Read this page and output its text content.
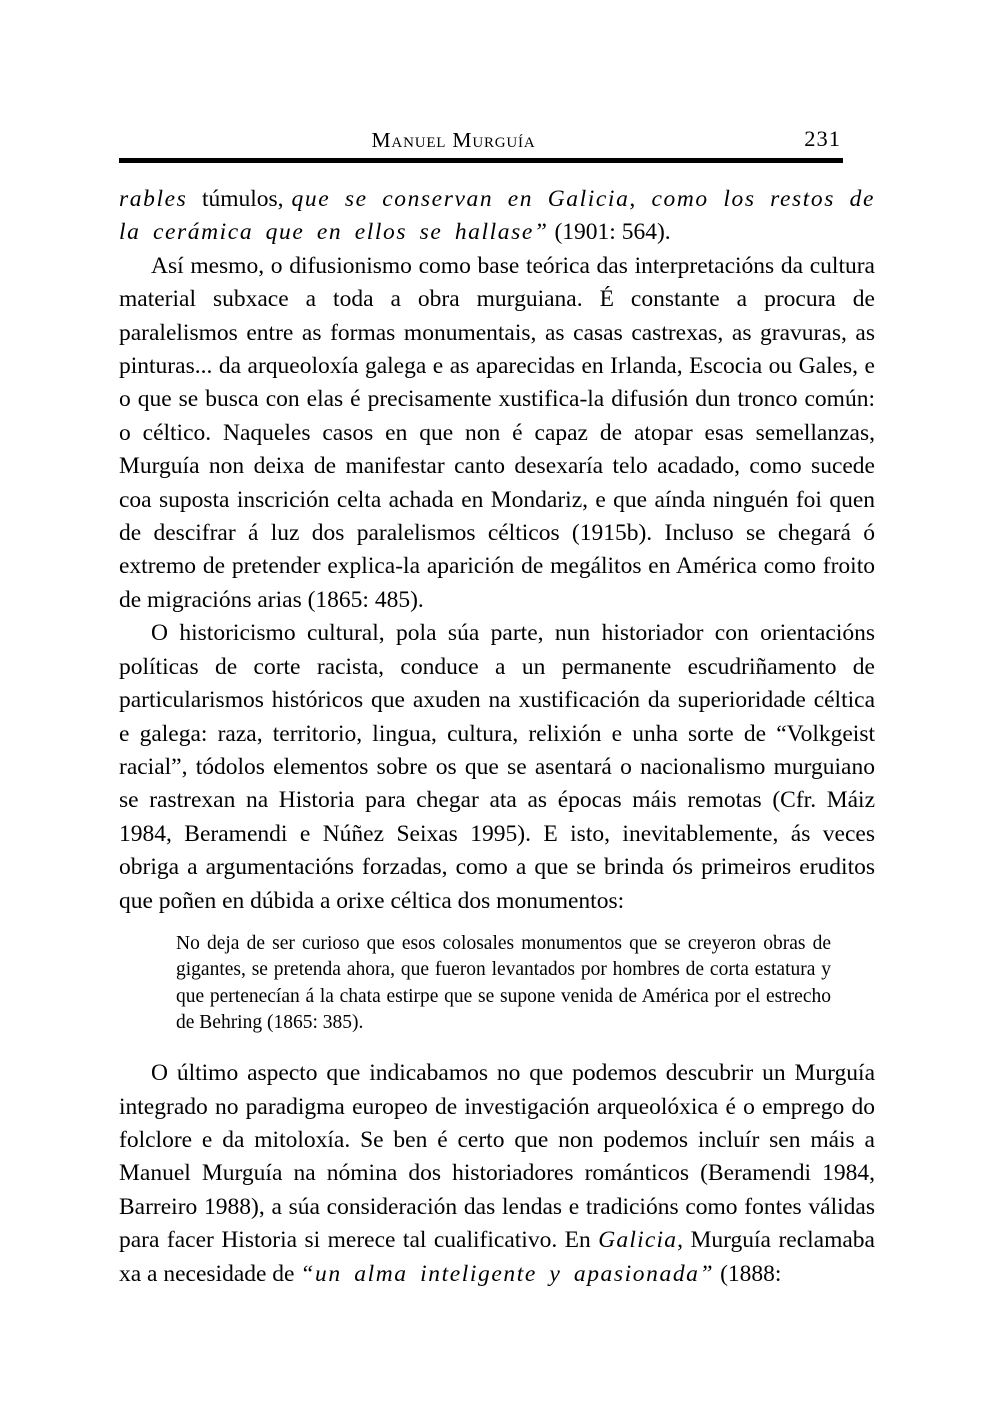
Manuel Murguía	231

rables túmulos, que se conservan en Galicia, como los restos de la cerámica que en ellos se hallase” (1901: 564).

Así mesmo, o difusionismo como base teórica das interpretacións da cultura material subxace a toda a obra murguiana. É constante a procura de paralelismos entre as formas monumentais, as casas castrexas, as gravuras, as pinturas... da arqueoloxía galega e as aparecidas en Irlanda, Escocia ou Gales, e o que se busca con elas é precisamente xustifica-la difusión dun tronco común: o céltico. Naqueles casos en que non é capaz de atopar esas semellanzas, Murguía non deixa de manifestar canto desexaría telo acadado, como sucede coa suposta inscrición celta achada en Mondariz, e que aínda ninguén foi quen de descifrar á luz dos paralelismos célticos (1915b). Incluso se chegará ó extremo de pretender explica-la aparición de megálitos en América como froito de migracións arias (1865: 485).

O historicismo cultural, pola súa parte, nun historiador con orientacións políticas de corte racista, conduce a un permanente escudriñamento de particularismos históricos que axuden na xustificación da superioridade céltica e galega: raza, territorio, lingua, cultura, relixión e unha sorte de “Volkgeist racial”, tódolos elementos sobre os que se asentará o nacionalismo murguiano se rastrexan na Historia para chegar ata as épocas máis remotas (Cfr. Máiz 1984, Beramendi e Núñez Seixas 1995). E isto, inevitablemente, ás veces obriga a argumentacións forzadas, como a que se brinda ós primeiros eruditos que poñen en dúbida a orixe céltica dos monumentos:

No deja de ser curioso que esos colosales monumentos que se creyeron obras de gigantes, se pretenda ahora, que fueron levantados por hombres de corta estatura y que pertenecían á la chata estirpe que se supone venida de América por el estrecho de Behring (1865: 385).

O último aspecto que indicabamos no que podemos descubrir un Murguía integrado no paradigma europeo de investigación arqueolóxica é o emprego do folclore e da mitoloxía. Se ben é certo que non podemos incluír sen máis a Manuel Murguía na nómina dos historiadores románticos (Beramendi 1984, Barreiro 1988), a súa consideración das lendas e tradicións como fontes válidas para facer Historia si merece tal cualificativo. En Galicia, Murguía reclamaba xa a necesidade de “un alma inteligente y apasionada” (1888:
